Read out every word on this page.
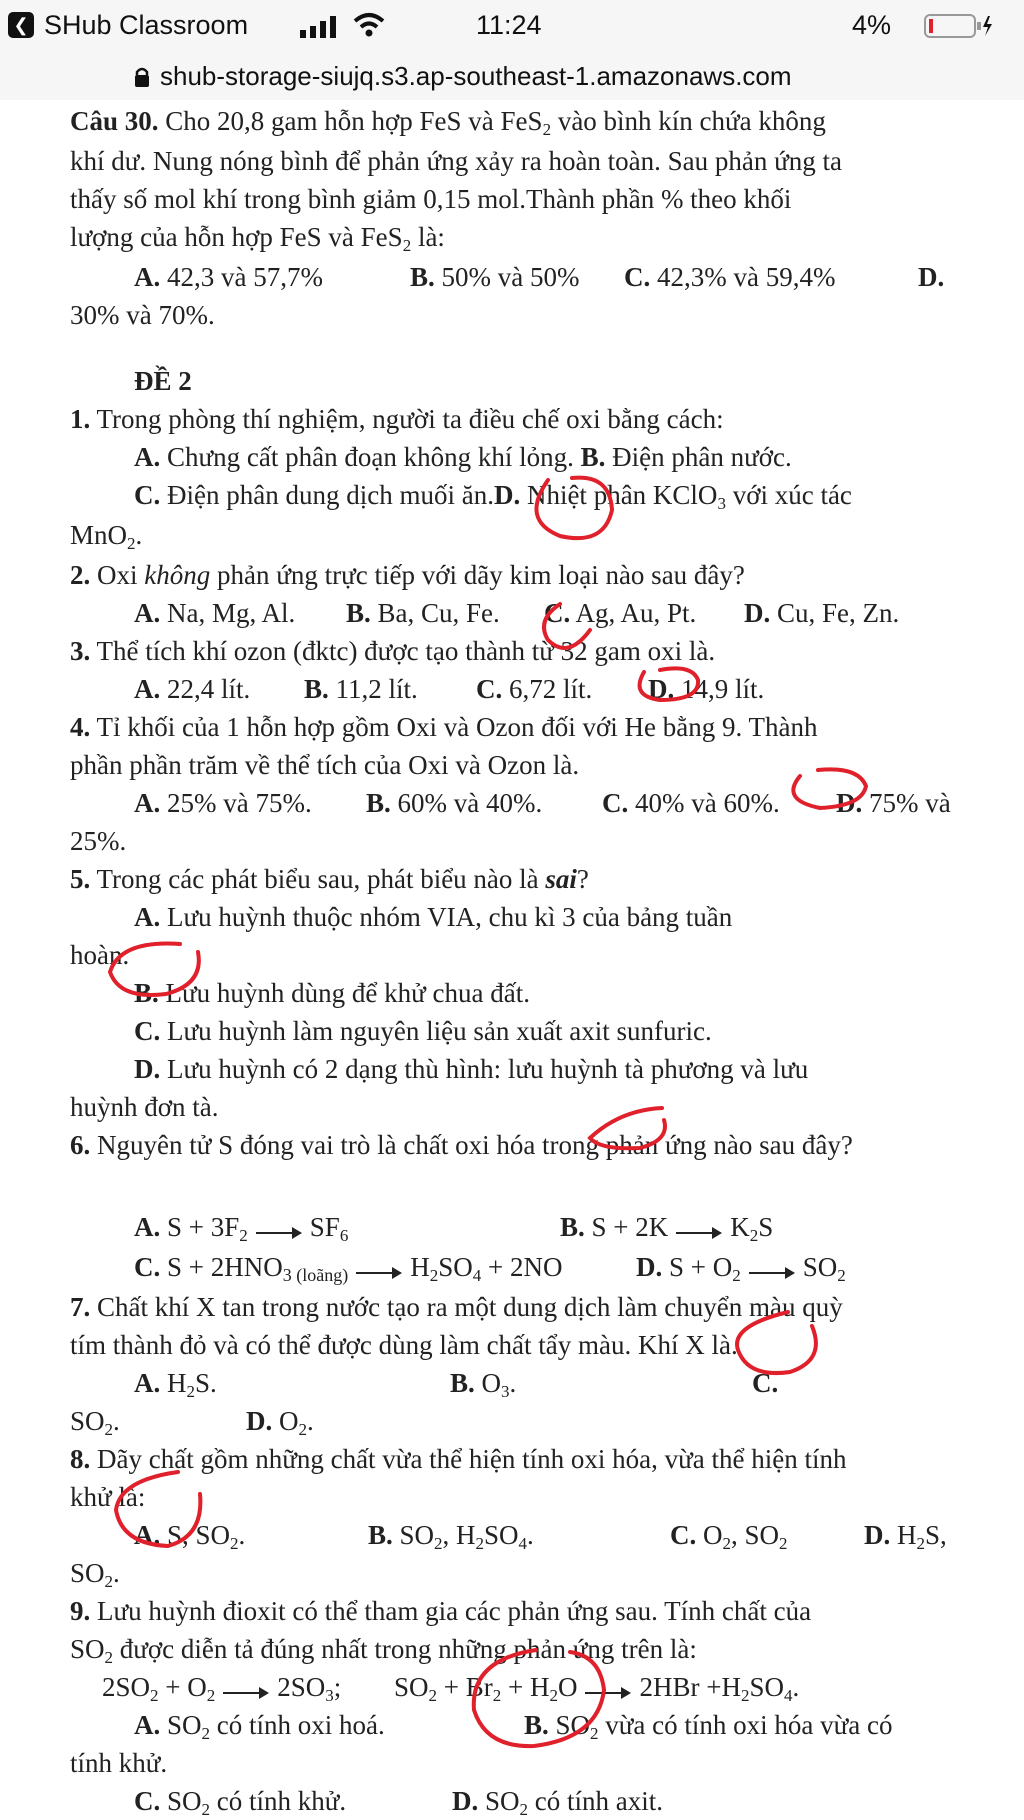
❮ SHub Classroom	11:24	4%
shub-storage-siujq.s3.ap-southeast-1.amazonaws.com
Câu 30. Cho 20,8 gam hỗn hợp FeS và FeS$_2$ vào bình kín chứa không
khí dư. Nung nóng bình để phản ứng xảy ra hoàn toàn. Sau phản ứng ta
thấy số mol khí trong bình giảm 0,15 mol.Thành phần % theo khối
lượng của hỗn hợp FeS và FeS$_2$ là:
A. 42,3 và 57,7%	B. 50% và 50% C. 42,3% và 59,4%	D.
30% và 70%.
ĐỀ 2
1. Trong phòng thí nghiệm, người ta điều chế oxi bằng cách:
A. Chưng cất phân đoạn không khí lỏng. B. Điện phân nước.
C. Điện phân dung dịch muối ăn.D. Nhiệt phân KClO$_3$ với xúc tác
MnO$_2$.
2. Oxi không phản ứng trực tiếp với dãy kim loại nào sau đây?
A. Na, Mg, Al. B. Ba, Cu, Fe. C. Ag, Au, Pt. D. Cu, Fe, Zn.
3. Thể tích khí ozon (đktc) được tạo thành từ 32 gam oxi là.
A. 22,4 lít. B. 11,2 lít. C. 6,72 lít. D. 14,9 lít.
4. Tỉ khối của 1 hỗn hợp gồm Oxi và Ozon đối với He bằng 9. Thành
phần phần trăm về thể tích của Oxi và Ozon là.
A. 25% và 75%. B. 60% và 40%. C. 40% và 60%. D. 75% và
25%.
5. Trong các phát biểu sau, phát biểu nào là sai?
A. Lưu huỳnh thuộc nhóm VIA, chu kì 3 của bảng tuần
hoàn.
B. Lưu huỳnh dùng để khử chua đất.
C. Lưu huỳnh làm nguyên liệu sản xuất axit sunfuric.
D. Lưu huỳnh có 2 dạng thù hình: lưu huỳnh tà phương và lưu
huỳnh đơn tà.
6. Nguyên tử S đóng vai trò là chất oxi hóa trong phản ứng nào sau đây?
A. $S + 3F_2$ $SF_6$	B. S + 2K $K_2S$
C. $S + 2HNO_{3 (loãng)}$ $H_2SO_4 + 2NO$	D. $S + O_2$ $SO_2$
7. Chất khí X tan trong nước tạo ra một dung dịch làm chuyển màu quỳ
tím thành đỏ và có thể được dùng làm chất tẩy màu. Khí X là.
A. $H_2S$.	B. $O_3$.	C.
$SO_2$.	D. $O_2$.
8. Dãy chất gồm những chất vừa thể hiện tính oxi hóa, vừa thể hiện tính
khử là:
A. S, $SO_2$.	B. $SO_2$, $H_2SO_4$.	C. $O_2$, $SO_2$	D. $H_2S$,
$SO_2$.
9. Lưu huỳnh đioxit có thể tham gia các phản ứng sau. Tính chất của
$SO_2$ được diễn tả đúng nhất trong những phản ứng trên là:
$2SO_2 + O_2$ $2SO_3$; $SO_2 + Br_2 + H_2O$ $2HBr +H_2SO_4$.
A. $SO_2$ có tính oxi hoá.	B. $SO_2$ vừa có tính oxi hóa vừa có
tính khử.
C. $SO_2$ có tính khử.	D. $SO_2$ có tính axit.
